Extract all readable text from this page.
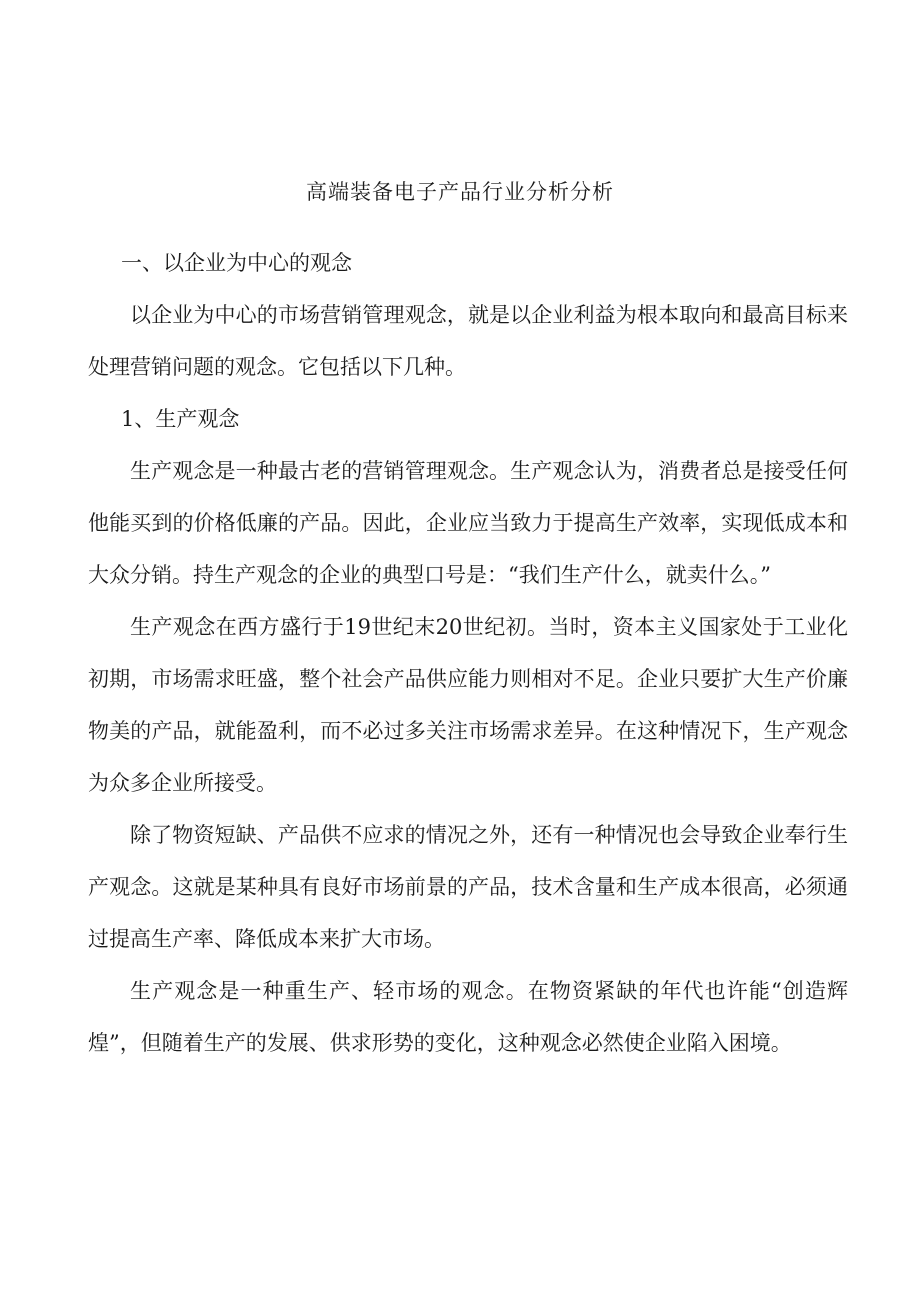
高端装备电子产品行业分析分析

一、以企业为中心的观念

以企业为中心的市场营销管理观念，就是以企业利益为根本取向和最高目标来处理营销问题的观念。它包括以下几种。

1、生产观念

生产观念是一种最古老的营销管理观念。生产观念认为，消费者总是接受任何他能买到的价格低廉的产品。因此，企业应当致力于提高生产效率，实现低成本和大众分销。持生产观念的企业的典型口号是：“我们生产什么，就卖什么。”

生产观念在西方盛行于19世纪末20世纪初。当时，资本主义国家处于工业化初期，市场需求旺盛，整个社会产品供应能力则相对不足。企业只要扩大生产价廉物美的产品，就能盈利，而不必过多关注市场需求差异。在这种情况下，生产观念为众多企业所接受。

除了物资短缺、产品供不应求的情况之外，还有一种情况也会导致企业奉行生产观念。这就是某种具有良好市场前景的产品，技术含量和生产成本很高，必须通过提高生产率、降低成本来扩大市场。

生产观念是一种重生产、轻市场的观念。在物资紧缺的年代也许能“创造辉煌”，但随着生产的发展、供求形势的变化，这种观念必然使企业陷入困境。
